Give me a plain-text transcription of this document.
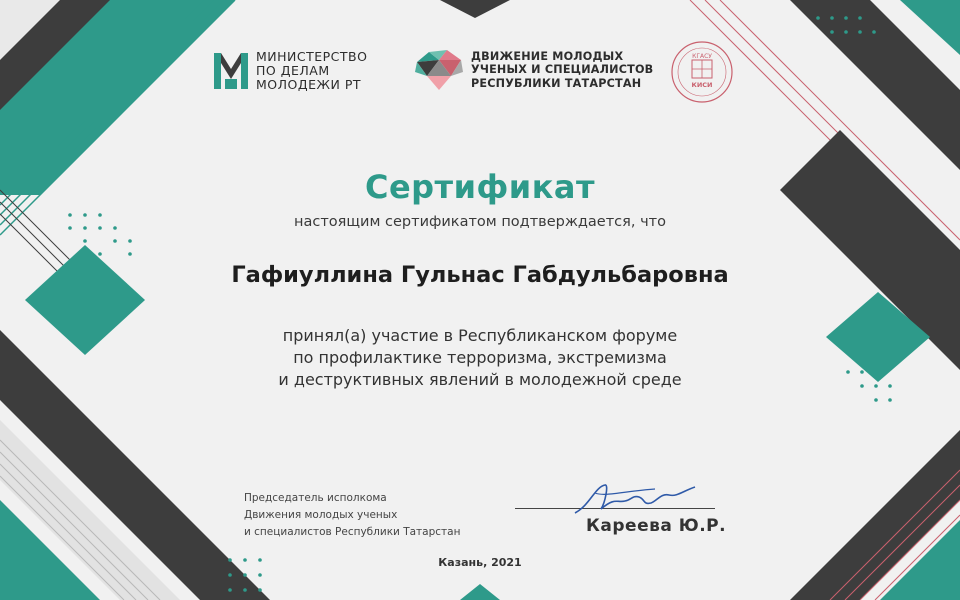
МИНИСТЕРСТВО
ПО ДЕЛАМ
МОЛОДЕЖИ РТ
ДВИЖЕНИЕ МОЛОДЫХ
УЧЕНЫХ И СПЕЦИАЛИСТОВ
РЕСПУБЛИКИ ТАТАРСТАН
КГАСУ
КИСИ
Сертификат
настоящим сертификатом подтверждается, что
Гафиуллина Гульнас Габдульбаровна
принял(а) участие в Республиканском форуме
по профилактике терроризма, экстремизма
и деструктивных явлений в молодежной среде
Председатель исполкома
Движения молодых ученых
и специалистов Республики Татарстан	Кареева Ю.Р.
Казань, 2021
